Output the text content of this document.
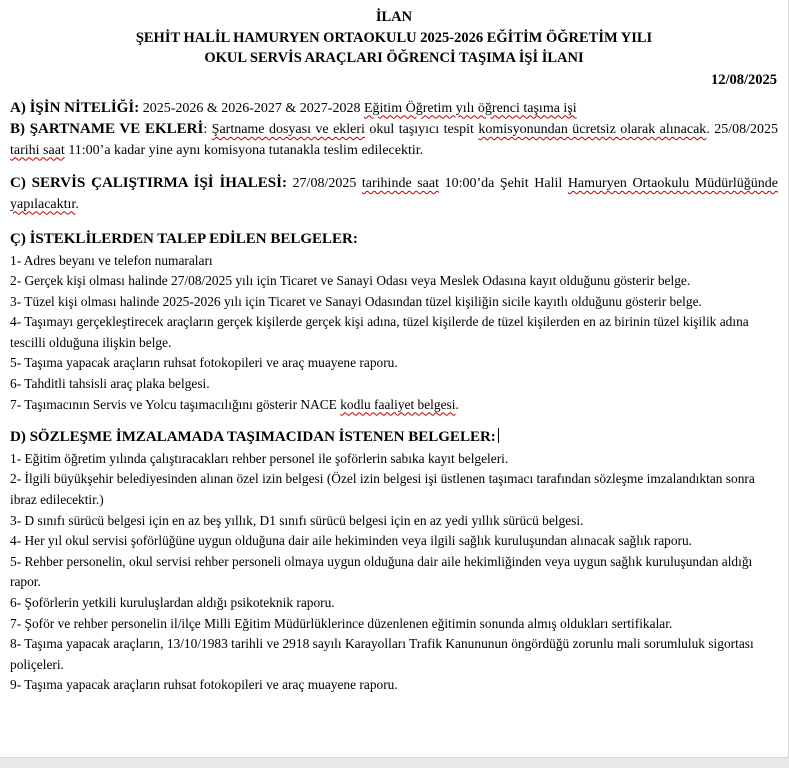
İLAN
ŞEHİT HALİL HAMURYEN ORTAOKULU 2025-2026 EĞİTİM ÖĞRETİM YILI
OKUL SERVİS ARAÇLARI ÖĞRENCİ TAŞIMA İŞİ İLANI
12/08/2025
A) İŞİN NİTELİĞİ: 2025-2026 & 2026-2027 & 2027-2028 Eğitim Öğretim yılı öğrenci taşıma işi
B) ŞARTNAME VE EKLERİ: Şartname dosyası ve ekleri okul taşıyıcı tespit komisyonundan ücretsiz olarak alınacak. 25/08/2025 tarihi saat 11:00’a kadar yine aynı komisyona tutanakla teslim edilecektir.
C) SERVİS ÇALIŞTIRMA İŞİ İHALESİ: 27/08/2025 tarihinde saat 10:00’da Şehit Halil Hamuryen Ortaokulu Müdürlüğünde yapılacaktır.
Ç) İSTEKLİLERDEN TALEP EDİLEN BELGELER:
1- Adres beyanı ve telefon numaraları
2- Gerçek kişi olması halinde 27/08/2025 yılı için Ticaret ve Sanayi Odası veya Meslek Odasına kayıt olduğunu gösterir belge.
3- Tüzel kişi olması halinde 2025-2026 yılı için Ticaret ve Sanayi Odasından tüzel kişiliğin sicile kayıtlı olduğunu gösterir belge.
4- Taşımayı gerçekleştirecek araçların gerçek kişilerde gerçek kişi adına, tüzel kişilerde de tüzel kişilerden en az birinin tüzel kişilik adına tescilli olduğuna ilişkin belge.
5- Taşıma yapacak araçların ruhsat fotokopileri ve araç muayene raporu.
6- Tahditli tahsisli araç plaka belgesi.
7- Taşımacının Servis ve Yolcu taşımacılığını gösterir NACE kodlu faaliyet belgesi.
D) SÖZLEŞME İMZALAMADA TAŞIMACIDAN İSTENEN BELGELER:
1- Eğitim öğretim yılında çalıştıracakları rehber personel ile şoförlerin sabıka kayıt belgeleri.
2- İlgili büyükşehir belediyesinden alınan özel izin belgesi (Özel izin belgesi işi üstlenen taşımacı tarafından sözleşme imzalandıktan sonra ibraz edilecektir.)
3- D sınıfı sürücü belgesi için en az beş yıllık, D1 sınıfı sürücü belgesi için en az yedi yıllık sürücü belgesi.
4- Her yıl okul servisi şoförlüğüne uygun olduğuna dair aile hekiminden veya ilgili sağlık kuruluşundan alınacak sağlık raporu.
5- Rehber personelin, okul servisi rehber personeli olmaya uygun olduğuna dair aile hekimliğinden veya uygun sağlık kuruluşundan aldığı rapor.
6- Şoförlerin yetkili kuruluşlardan aldığı psikoteknik raporu.
7- Şoför ve rehber personelin il/ilçe Milli Eğitim Müdürlüklerince düzenlenen eğitimin sonunda almış oldukları sertifikalar.
8- Taşıma yapacak araçların, 13/10/1983 tarihli ve 2918 sayılı Karayolları Trafik Kanununun öngördüğü zorunlu mali sorumluluk sigortası poliçeleri.
9- Taşıma yapacak araçların ruhsat fotokopileri ve araç muayene raporu.
